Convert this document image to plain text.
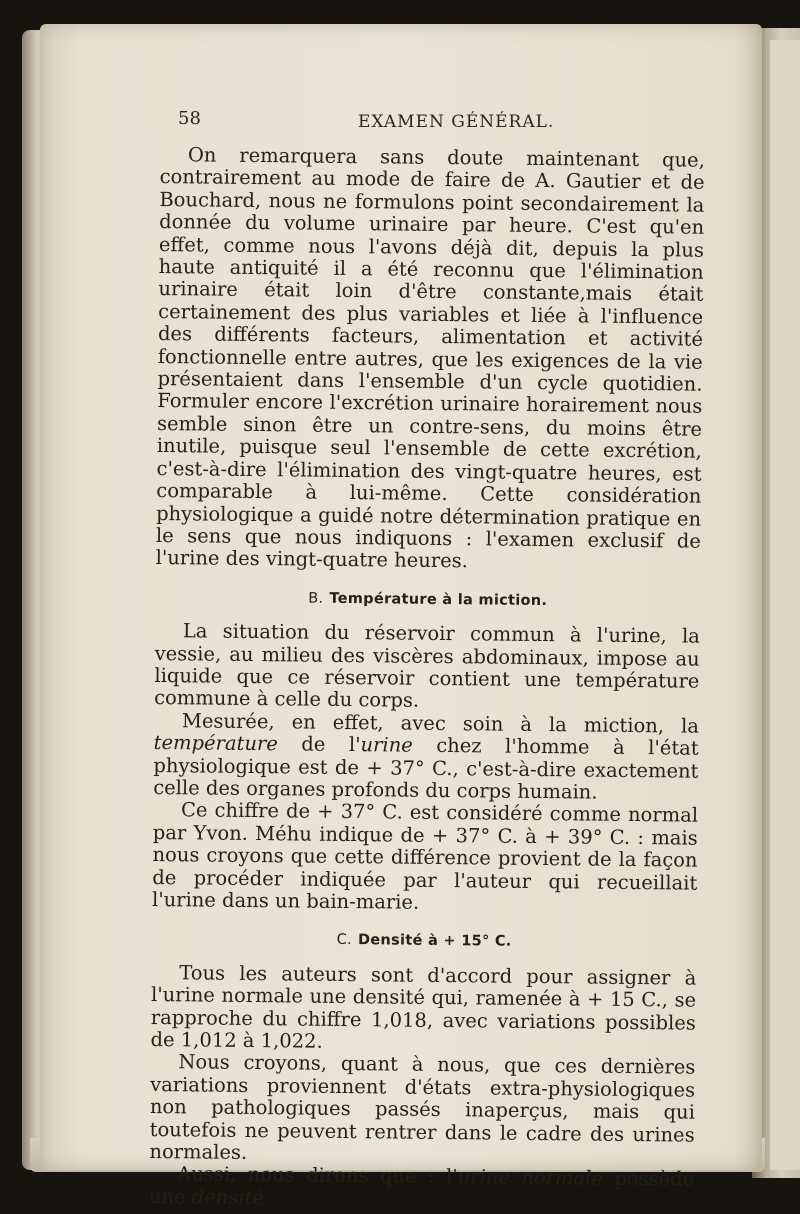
58	EXAMEN GÉNÉRAL.

On remarquera sans doute maintenant que, contrairement au mode de faire de A. Gautier et de Bouchard, nous ne formulons point secondairement la donnée du volume urinaire par heure. C'est qu'en effet, comme nous l'avons déjà dit, depuis la plus haute antiquité il a été reconnu que l'élimination urinaire était loin d'être constante,mais était certainement des plus variables et liée à l'influence des différents facteurs, alimentation et activité fonctionnelle entre autres, que les exigences de la vie présentaient dans l'ensemble d'un cycle quotidien. Formuler encore l'excrétion urinaire horairement nous semble sinon être un contre-sens, du moins être inutile, puisque seul l'ensemble de cette excrétion, c'est-à-dire l'élimination des vingt-quatre heures, est comparable à lui-même. Cette considération physiologique a guidé notre détermination pratique en le sens que nous indiquons : l'examen exclusif de l'urine des vingt-quatre heures.

B. Température à la miction.

La situation du réservoir commun à l'urine, la vessie, au milieu des viscères abdominaux, impose au liquide que ce réservoir contient une température commune à celle du corps.

Mesurée, en effet, avec soin à la miction, la température de l'urine chez l'homme à l'état physiologique est de + 37° C., c'est-à-dire exactement celle des organes profonds du corps humain.

Ce chiffre de + 37° C. est considéré comme normal par Yvon. Méhu indique de + 37° C. à + 39° C. : mais nous croyons que cette différence provient de la façon de procéder indiquée par l'auteur qui recueillait l'urine dans un bain-marie.

C. Densité à + 15° C.

Tous les auteurs sont d'accord pour assigner à l'urine normale une densité qui, ramenée à + 15 C., se rapproche du chiffre 1,018, avec variations possibles de 1,012 à 1,022.

Nous croyons, quant à nous, que ces dernières variations proviennent d'états extra-physiologiques non pathologiques passés inaperçus, mais qui toutefois ne peuvent rentrer dans le cadre des urines normales.

Aussi, nous dirons que : l'urine normale possède une densité
